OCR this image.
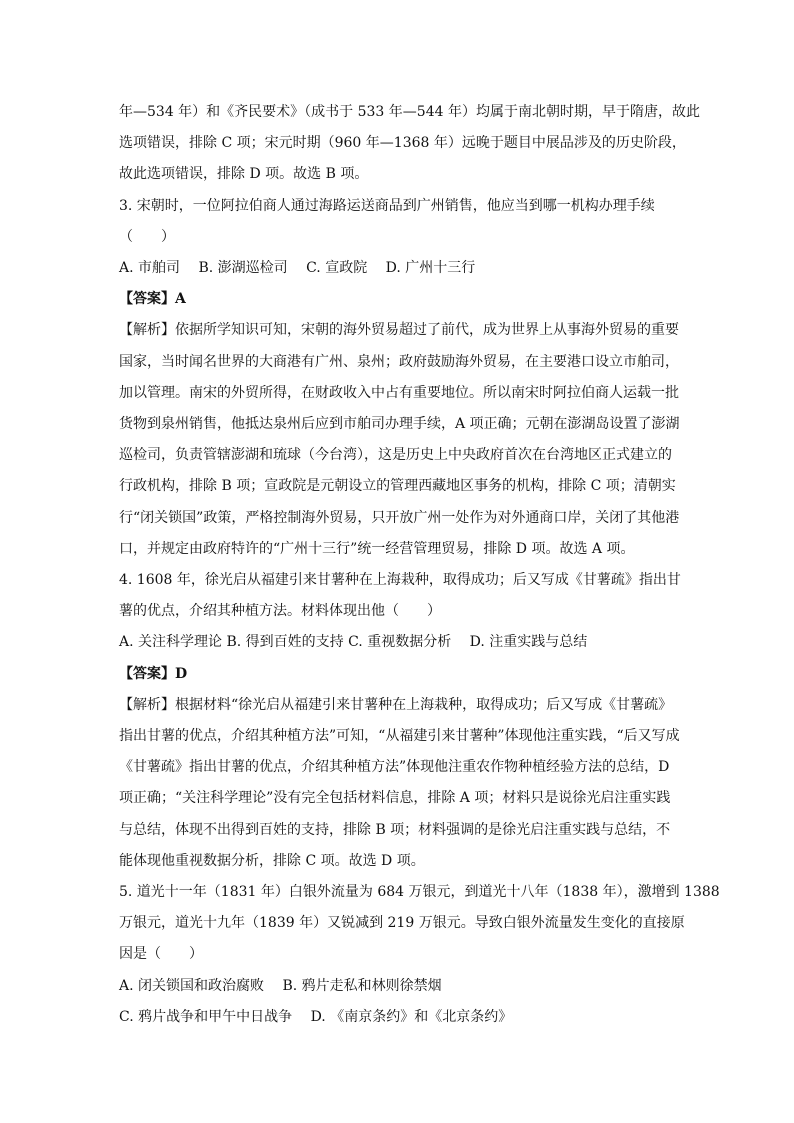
年—534 年）和《齐民要术》（成书于 533 年—544 年）均属于南北朝时期，早于隋唐，故此
选项错误，排除 C 项；宋元时期（960 年—1368 年）远晚于题目中展品涉及的历史阶段，
故此选项错误，排除 D 项。故选 B 项。
3. 宋朝时，一位阿拉伯商人通过海路运送商品到广州销售，他应当到哪一机构办理手续
（　　）
A. 市舶司　 B. 澎湖巡检司　 C. 宣政院　 D. 广州十三行
【答案】A
【解析】依据所学知识可知，宋朝的海外贸易超过了前代，成为世界上从事海外贸易的重要
国家，当时闻名世界的大商港有广州、泉州；政府鼓励海外贸易，在主要港口设立市舶司，
加以管理。南宋的外贸所得，在财政收入中占有重要地位。所以南宋时阿拉伯商人运载一批
货物到泉州销售，他抵达泉州后应到市舶司办理手续，A 项正确；元朝在澎湖岛设置了澎湖
巡检司，负责管辖澎湖和琉球（今台湾），这是历史上中央政府首次在台湾地区正式建立的
行政机构，排除 B 项；宣政院是元朝设立的管理西藏地区事务的机构，排除 C 项；清朝实
行“闭关锁国”政策，严格控制海外贸易，只开放广州一处作为对外通商口岸，关闭了其他港
口，并规定由政府特许的“广州十三行”统一经营管理贸易，排除 D 项。故选 A 项。
4. 1608 年，徐光启从福建引来甘薯种在上海栽种，取得成功；后又写成《甘薯疏》指出甘
薯的优点，介绍其种植方法。材料体现出他（　　）
A. 关注科学理论 B. 得到百姓的支持 C. 重视数据分析　 D. 注重实践与总结
【答案】D
【解析】根据材料“徐光启从福建引来甘薯种在上海栽种，取得成功；后又写成《甘薯疏》
指出甘薯的优点，介绍其种植方法”可知，“从福建引来甘薯种”体现他注重实践，“后又写成
《甘薯疏》指出甘薯的优点，介绍其种植方法”体现他注重农作物种植经验方法的总结，D
项正确；“关注科学理论”没有完全包括材料信息，排除 A 项；材料只是说徐光启注重实践
与总结，体现不出得到百姓的支持，排除 B 项；材料强调的是徐光启注重实践与总结，不
能体现他重视数据分析，排除 C 项。故选 D 项。
5. 道光十一年（1831 年）白银外流量为 684 万银元，到道光十八年（1838 年），激增到 1388
万银元，道光十九年（1839 年）又锐减到 219 万银元。导致白银外流量发生变化的直接原
因是（　　）
A. 闭关锁国和政治腐败　 B. 鸦片走私和林则徐禁烟
C. 鸦片战争和甲午中日战争　 D. 《南京条约》和《北京条约》
